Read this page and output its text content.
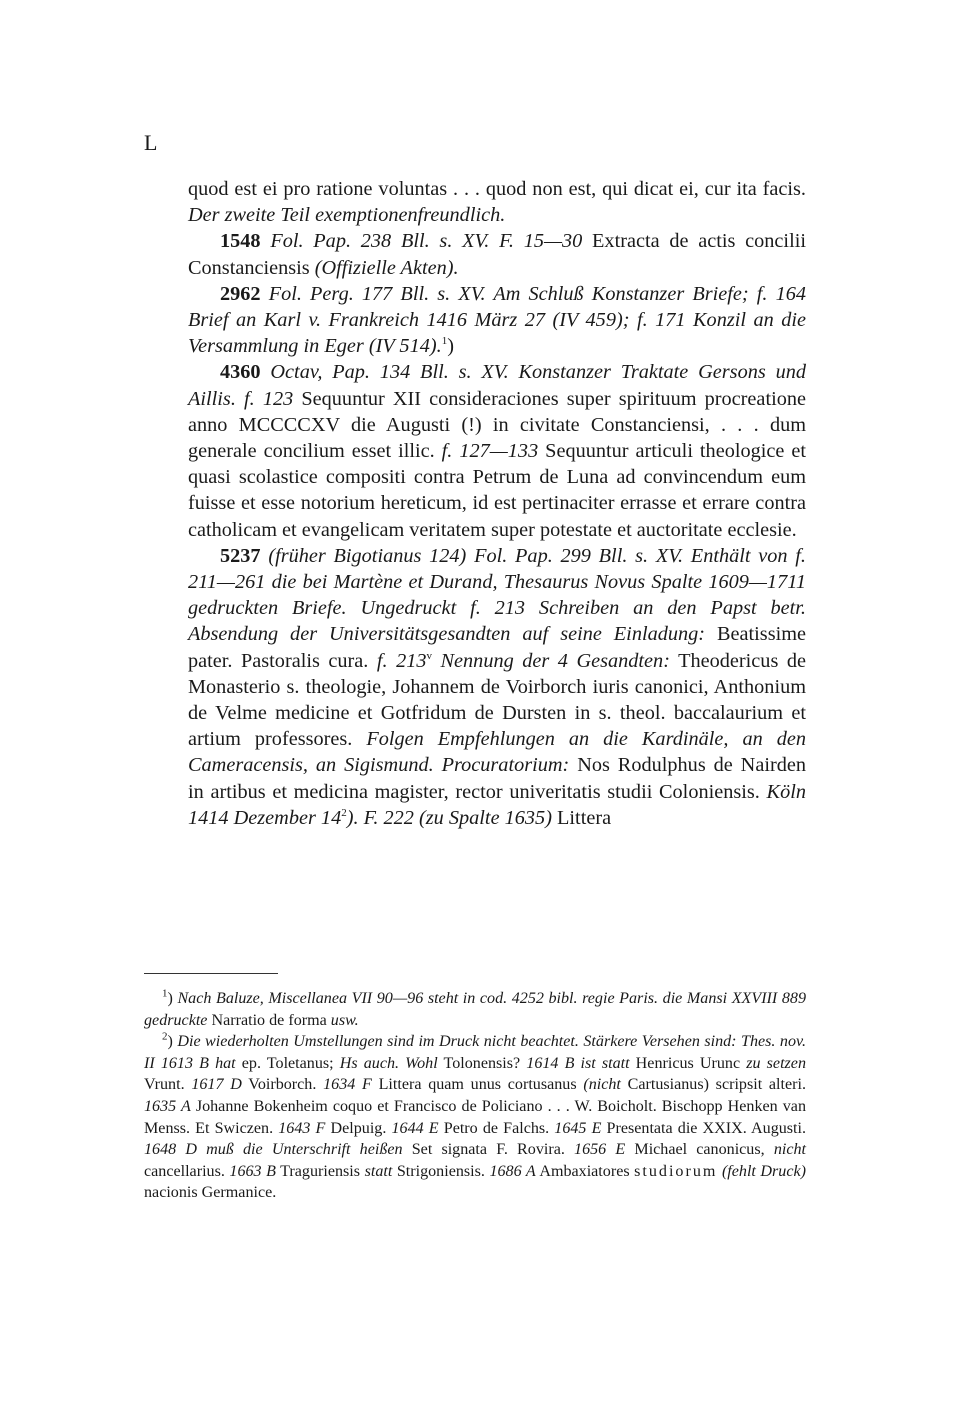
L

quod est ei pro ratione voluntas . . . quod non est, qui dicat ei, cur ita facis. Der zweite Teil exemptionenfreundlich.

1548 Fol. Pap. 238 Bll. s. XV. F. 15—30 Extracta de actis concilii Constanciensis (Offizielle Akten).

2962 Fol. Perg. 177 Bll. s. XV. Am Schluß Konstanzer Briefe; f. 164 Brief an Karl v. Frankreich 1416 März 27 (IV 459); f. 171 Konzil an die Versammlung in Eger (IV 514).$^1$)

4360 Octav, Pap. 134 Bll. s. XV. Konstanzer Traktate Gersons und Aillis. f. 123 Sequuntur XII consideraciones super spirituum procreatione anno MCCCCXV die Augusti (!) in civitate Constanciensi, . . . dum generale concilium esset illic. f. 127—133 Sequuntur articuli theologice et quasi scolastice compositi contra Petrum de Luna ad convincendum eum fuisse et esse notorium hereticum, id est pertinaciter errasse et errare contra catholicam et evangelicam veritatem super potestate et auctoritate ecclesie.

5237 (früher Bigotianus 124) Fol. Pap. 299 Bll. s. XV. Enthält von f. 211—261 die bei Martène et Durand, Thesaurus Novus Spalte 1609—1711 gedruckten Briefe. Ungedruckt f. 213 Schreiben an den Papst betr. Absendung der Universitätsgesandten auf seine Einladung: Beatissime pater. Pastoralis cura. f. 213$^v$ Nennung der 4 Gesandten: Theodericus de Monasterio s. theologie, Johannem de Voirborch iuris canonici, Anthonium de Velme medicine et Gotfridum de Dursten in s. theol. baccalaurium et artium professores. Folgen Empfehlungen an die Kardinäle, an den Cameracensis, an Sigismund. Procuratorium: Nos Rodulphus de Nairden in artibus et medicina magister, rector univeritatis studii Coloniensis. Köln 1414 Dezember 14$^2$). F. 222 (zu Spalte 1635) Littera

$^1$) Nach Baluze, Miscellanea VII 90—96 steht in cod. 4252 bibl. regie Paris. die Mansi XXVIII 889 gedruckte Narratio de forma usw.

$^2$) Die wiederholten Umstellungen sind im Druck nicht beachtet. Stärkere Versehen sind: Thes. nov. II 1613 B hat ep. Toletanus; Hs auch. Wohl Tolonensis? 1614 B ist statt Henricus Urunc zu setzen Vrunt. 1617 D Voirborch. 1634 F Littera quam unus cortusanus (nicht Cartusianus) scripsit alteri. 1635 A Johanne Bokenheim coquo et Francisco de Policiano . . . W. Boicholt. Bischopp Henken van Menss. Et Swiczen. 1643 F Delpuig. 1644 E Petro de Falchs. 1645 E Presentata die XXIX. Augusti. 1648 D muß die Unterschrift heißen Set signata F. Rovira. 1656 E Michael canonicus, nicht cancellarius. 1663 B Traguriensis statt Strigoniensis. 1686 A Ambaxiatores studiorum (fehlt Druck) nacionis Germanice.
